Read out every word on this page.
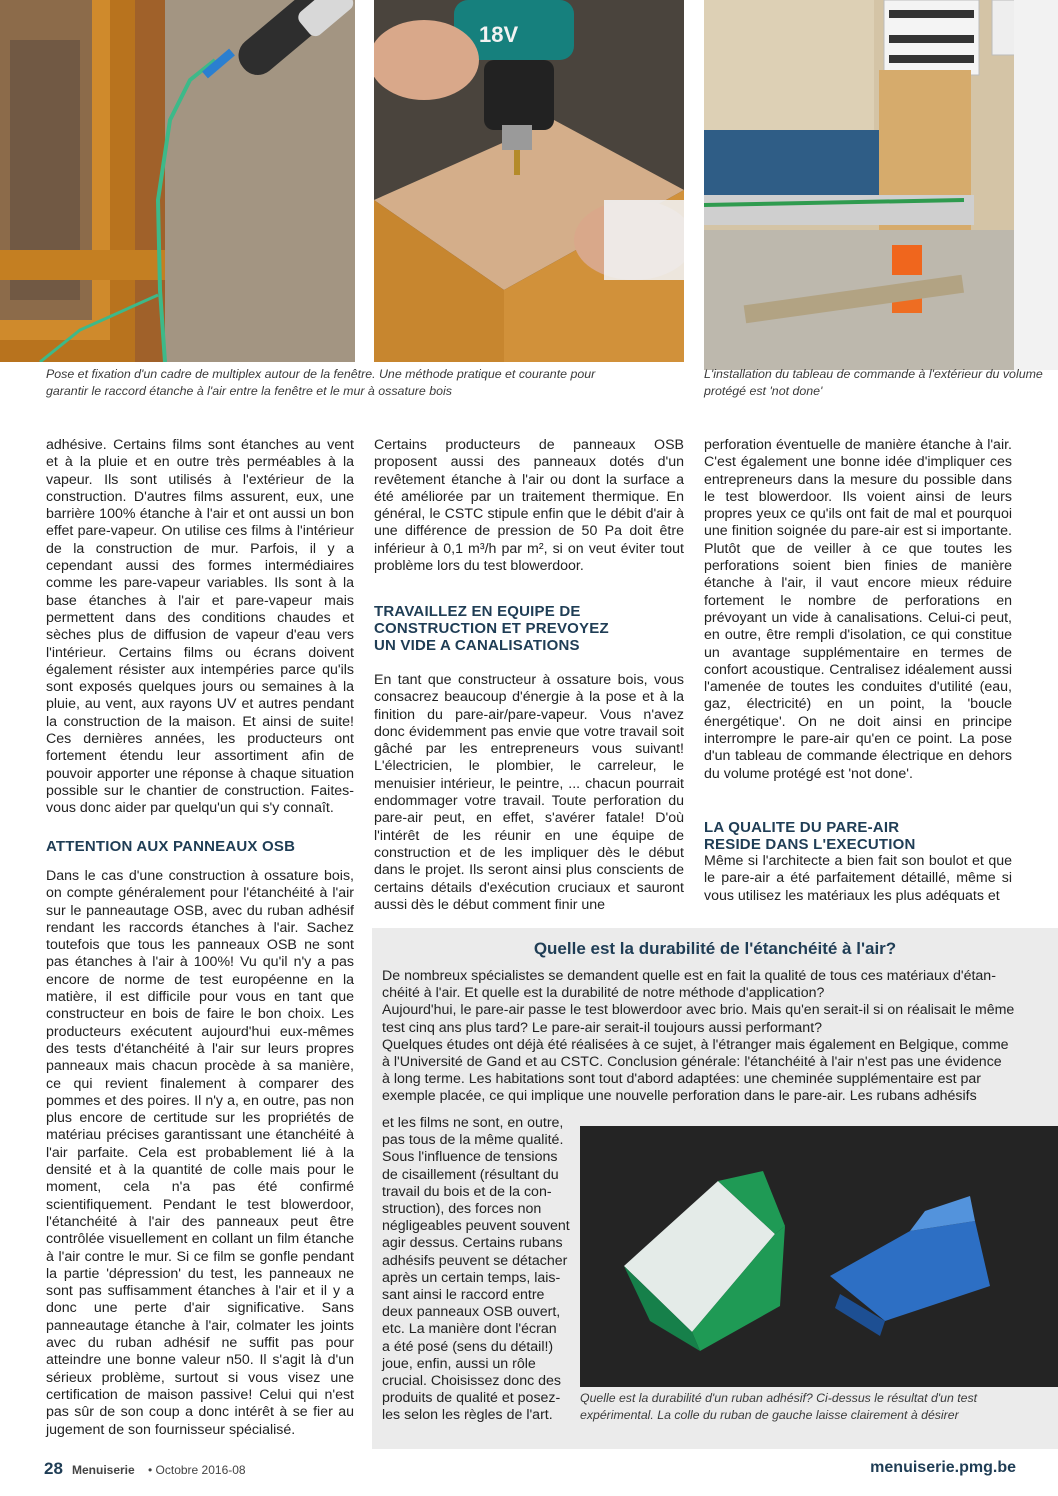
18V
Pose et fixation d'un cadre de multiplex autour de la fenêtre. Une méthode pratique et courante pour garantir le raccord étanche à l'air entre la fenêtre et le mur à ossature bois
L'installation du tableau de commande à l'extérieur du volume protégé est 'not done'

adhésive. Certains films sont étanches au vent et à la pluie et en outre très perméables à la vapeur. Ils sont utilisés à l'extérieur de la construction. D'autres films assurent, eux, une barrière 100% étanche à l'air et ont aussi un bon effet pare-vapeur. On utilise ces films à l'intérieur de la construction de mur. Parfois, il y a cependant aussi des formes intermédiaires comme les pare-vapeur variables. Ils sont à la base étanches à l'air et pare-vapeur mais permettent dans des conditions chaudes et sèches plus de diffusion de vapeur d'eau vers l'intérieur. Certains films ou écrans doivent également résister aux intempéries parce qu'ils sont exposés quelques jours ou semaines à la pluie, au vent, aux rayons UV et autres pendant la construction de la maison. Et ainsi de suite! Ces dernières années, les producteurs ont fortement étendu leur assortiment afin de pouvoir apporter une réponse à chaque situation possible sur le chantier de construction. Faites-vous donc aider par quelqu'un qui s'y connaît.

ATTENTION AUX PANNEAUX OSB

Dans le cas d'une construction à ossature bois, on compte généralement pour l'étanchéité à l'air sur le panneautage OSB, avec du ruban adhésif rendant les raccords étanches à l'air. Sachez toutefois que tous les panneaux OSB ne sont pas étanches à l'air à 100%! Vu qu'il n'y a pas encore de norme de test européenne en la matière, il est difficile pour vous en tant que constructeur en bois de faire le bon choix. Les producteurs exécutent aujourd'hui eux-mêmes des tests d'étanchéité à l'air sur leurs propres panneaux mais chacun procède à sa manière, ce qui revient finalement à comparer des pommes et des poires. Il n'y a, en outre, pas non plus encore de certitude sur les propriétés de matériau précises garantissant une étanchéité à l'air parfaite. Cela est probablement lié à la densité et à la quantité de colle mais pour le moment, cela n'a pas été confirmé scientifiquement. Pendant le test blowerdoor, l'étanchéité à l'air des panneaux peut être contrôlée visuellement en collant un film étanche à l'air contre le mur. Si ce film se gonfle pendant la partie 'dépression' du test, les panneaux ne sont pas suffisamment étanches à l'air et il y a donc une perte d'air significative. Sans panneautage étanche à l'air, colmater les joints avec du ruban adhésif ne suffit pas pour atteindre une bonne valeur n50. Il s'agit là d'un sérieux problème, surtout si vous visez une certification de maison passive! Celui qui n'est pas sûr de son coup a donc intérêt à se fier au jugement de son fournisseur spécialisé.

Certains producteurs de panneaux OSB proposent aussi des panneaux dotés d'un revêtement étanche à l'air ou dont la surface a été améliorée par un traitement thermique. En général, le CSTC stipule enfin que le débit d'air à une différence de pression de 50 Pa doit être inférieur à 0,1 m³/h par m², si on veut éviter tout problème lors du test blowerdoor.

TRAVAILLEZ EN EQUIPE DE
CONSTRUCTION ET PREVOYEZ
UN VIDE A CANALISATIONS

En tant que constructeur à ossature bois, vous consacrez beaucoup d'énergie à la pose et à la finition du pare-air/pare-vapeur. Vous n'avez donc évidemment pas envie que votre travail soit gâché par les entrepreneurs vous suivant! L'électricien, le plombier, le carreleur, le menuisier intérieur, le peintre, ... chacun pourrait endommager votre travail. Toute perforation du pare-air peut, en effet, s'avérer fatale! D'où l'intérêt de les réunir en une équipe de construction et de les impliquer dès le début dans le projet. Ils seront ainsi plus conscients de certains détails d'exécution cruciaux et sauront aussi dès le début comment finir une

perforation éventuelle de manière étanche à l'air. C'est également une bonne idée d'impliquer ces entrepreneurs dans la mesure du possible dans le test blowerdoor. Ils voient ainsi de leurs propres yeux ce qu'ils ont fait de mal et pourquoi une finition soignée du pare-air est si importante. Plutôt que de veiller à ce que toutes les perforations soient bien finies de manière étanche à l'air, il vaut encore mieux réduire fortement le nombre de perforations en prévoyant un vide à canalisations. Celui-ci peut, en outre, être rempli d'isolation, ce qui constitue un avantage supplémentaire en termes de confort acoustique. Centralisez idéalement aussi l'amenée de toutes les conduites d'utilité (eau, gaz, électricité) en un point, la 'boucle énergétique'. On ne doit ainsi en principe interrompre le pare-air qu'en ce point. La pose d'un tableau de commande électrique en dehors du volume protégé est 'not done'.

LA QUALITE DU PARE-AIR
RESIDE DANS L'EXECUTION

Même si l'architecte a bien fait son boulot et que le pare-air a été parfaitement détaillé, même si vous utilisez les matériaux les plus adéquats et

Quelle est la durabilité de l'étanchéité à l'air?
De nombreux spécialistes se demandent quelle est en fait la qualité de tous ces matériaux d'étan-
chéité à l'air. Et quelle est la durabilité de notre méthode d'application?
Aujourd'hui, le pare-air passe le test blowerdoor avec brio. Mais qu'en serait-il si on réalisait le même
test cinq ans plus tard? Le pare-air serait-il toujours aussi performant?
Quelques études ont déjà été réalisées à ce sujet, à l'étranger mais également en Belgique, comme
à l'Université de Gand et au CSTC. Conclusion générale: l'étanchéité à l'air n'est pas une évidence
à long terme. Les habitations sont tout d'abord adaptées: une cheminée supplémentaire est par
exemple placée, ce qui implique une nouvelle perforation dans le pare-air. Les rubans adhésifs
et les films ne sont, en outre,
pas tous de la même qualité.
Sous l'influence de tensions
de cisaillement (résultant du
travail du bois et de la con-
struction), des forces non
négligeables peuvent souvent
agir dessus. Certains rubans
adhésifs peuvent se détacher
après un certain temps, lais-
sant ainsi le raccord entre
deux panneaux OSB ouvert,
etc. La manière dont l'écran
a été posé (sens du détail!)
joue, enfin, aussi un rôle
crucial. Choisissez donc des
produits de qualité et posez-
les selon les règles de l'art.
Quelle est la durabilité d'un ruban adhésif? Ci-dessus le résultat d'un test expérimental. La colle du ruban de gauche laisse clairement à désirer
28 Menuiserie • Octobre 2016-08	menuiserie.pmg.be
